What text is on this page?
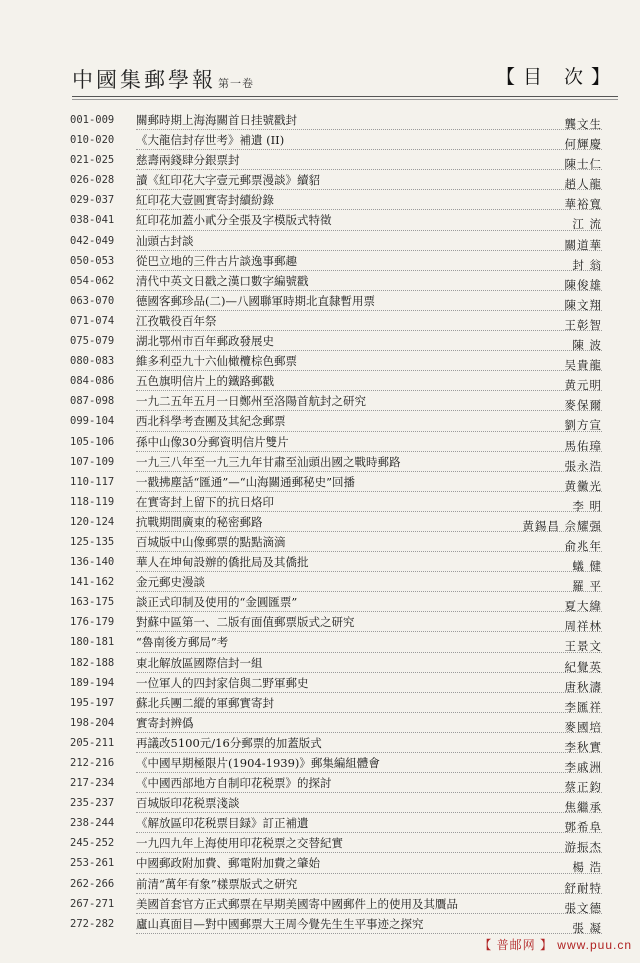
中國集郵學報 第一卷	【目 次】
001-009	關郵時期上海海關首日挂號戳封	龔文生
010-020	《大龍信封存世考》補遺 (II)	何輝慶
021-025	慈壽兩錢肆分銀票封	陳士仁
026-028	讀《紅印花大字壹元郵票漫談》續貂	趙人龍
029-037	紅印花大壹圓實寄封續紛錄	華裕寬
038-041	紅印花加蓋小貳分全張及字模版式特徵	江 流
042-049	汕頭古封談	關道華
050-053	從巴立地的三件古片談逸事郵趣	封 翁
054-062	清代中英文日戳之漢口數字編號戳	陳俊雄
063-070	德國客郵珍品(二)—八國聯軍時期北直隸暫用票	陳文翔
071-074	江孜戰役百年祭	王彰智
075-079	湖北鄂州市百年郵政發展史	陳 波
080-083	維多利亞九十六仙橄欖棕色郵票	吴貴龍
084-086	五色旗明信片上的鐵路郵戳	黄元明
087-098	一九二五年五月一日鄭州至洛陽首航封之研究	麥保爾
099-104	西北科學考查團及其紀念郵票	劉方宣
105-106	孫中山像30分郵資明信片雙片	馬佑璋
107-109	一九三八年至一九三九年甘肅至汕頭出國之戰時郵路	張永浩
110-117	一戳拂塵話“匯通”—“山海關通郵秘史”回播	黄黴光
118-119	在實寄封上留下的抗日烙印	李 明
120-124	抗戰期間廣東的秘密郵路	黄錫昌 佘耀强
125-135	百城版中山像郵票的點點滴滴	俞兆年
136-140	華人在坤甸設辦的僑批局及其僑批	蟻 健
141-162	金元郵史漫談	羅 平
163-175	談正式印制及使用的“金圓匯票”	夏大緯
176-179	對蘇中區第一、二版有面值郵票版式之研究	周祥林
180-181	“魯南後方郵局”考	王景文
182-188	東北解放區國際信封一組	紀覺英
189-194	一位軍人的四封家信與二野軍郵史	唐秋濤
195-197	蘇北兵團二縱的軍郵實寄封	李匯祥
198-204	實寄封辨僞	麥國培
205-211	再議改5100元/16分郵票的加蓋版式	李秋實
212-216	《中國早期極限片(1904-1939)》郵集編組體會	李戚洲
217-234	《中國西部地方自制印花税票》的探討	蔡正鈞
235-237	百城版印花税票淺談	焦繼承
238-244	《解放區印花税票目録》訂正補遺	鄧希阜
245-252	一九四九年上海使用印花税票之交替紀實	游振杰
253-261	中國郵政附加費、郵電附加費之肇始	楊 浩
262-266	前清“萬年有象”樣票版式之研究	舒耐特
267-271	美國首套官方正式郵票在早期美國寄中國郵件上的使用及其贋品	張文德
272-282	廬山真面目—對中國郵票大王周今覺先生生平事迹之探究	張 凝
【 普邮网 】 www.puu.cn
